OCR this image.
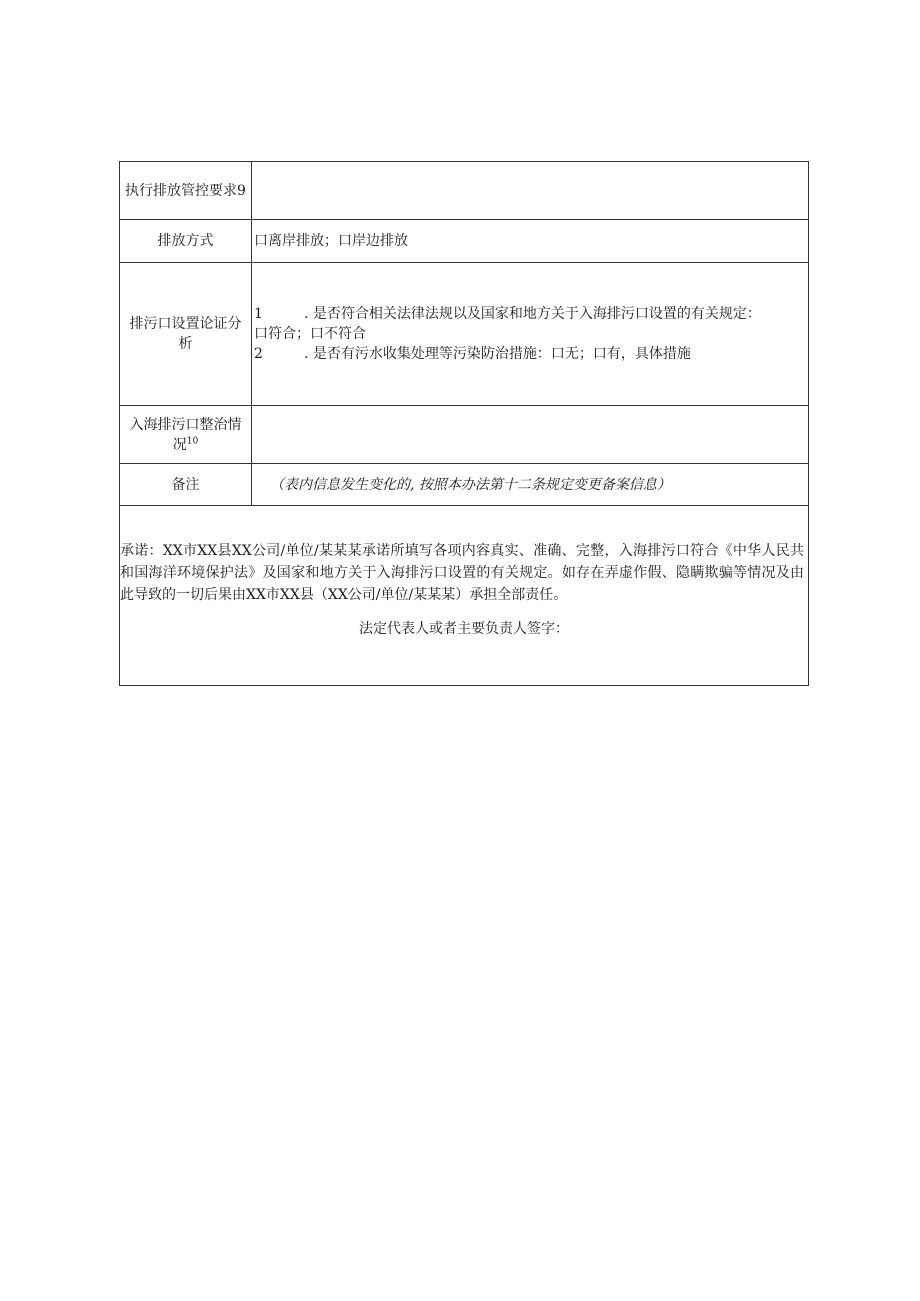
执行排放管控要求9	
排放方式	口离岸排放；口岸边排放
排污口设置论证分析	1 . 是否符合相关法律法规以及国家和地方关于入海排污口设置的有关规定：
口符合；口不符合
2 . 是否有污水收集处理等污染防治措施：口无；口有，具体措施

入海排污口整治情况$^{10}$	
备注	（表内信息发生变化的, 按照本办法第十二条规定变更备案信息）

承诺：XX市XX县XX公司/单位/某某某承诺所填写各项内容真实、准确、完整，入海排污口符合《中华人民共和国海洋环境保护法》及国家和地方关于入海排污口设置的有关规定。如存在弄虚作假、隐瞒欺骗等情况及由此导致的一切后果由XX市XX县（XX公司/单位/某某某）承担全部责任。

法定代表人或者主要负责人签字：	
